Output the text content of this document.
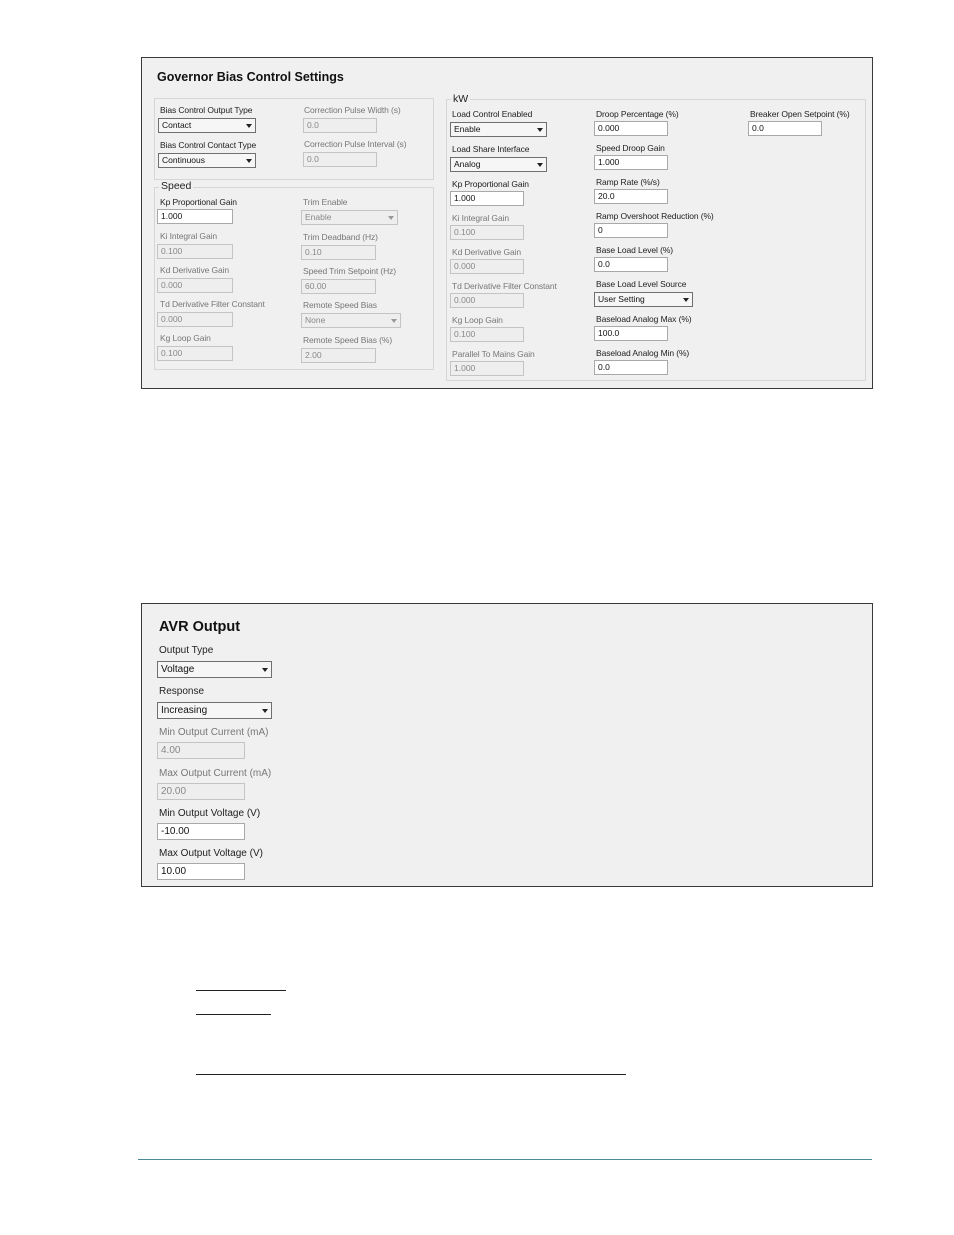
Governor Bias Control Settings
Bias Control Output Type
Contact
Bias Control Contact Type
Continuous
Correction Pulse Width (s)
0.0
Correction Pulse Interval (s)
0.0
Speed
Kp Proportional Gain
1.000
Ki Integral Gain
0.100
Kd Derivative Gain
0.000
Td Derivative Filter Constant
0.000
Kg Loop Gain
0.100
Trim Enable
Enable
Trim Deadband (Hz)
0.10
Speed Trim Setpoint (Hz)
60.00
Remote Speed Bias
None
Remote Speed Bias (%)
2.00
kW
Load Control Enabled
Enable
Load Share Interface
Analog
Kp Proportional Gain
1.000
Ki Integral Gain
0.100
Kd Derivative Gain
0.000
Td Derivative Filter Constant
0.000
Kg Loop Gain
0.100
Parallel To Mains Gain
1.000
Droop Percentage (%)
0.000
Speed Droop Gain
1.000
Ramp Rate (%/s)
20.0
Ramp Overshoot Reduction (%)
0
Base Load Level (%)
0.0
Base Load Level Source
User Setting
Baseload Analog Max (%)
100.0
Baseload Analog Min (%)
0.0
Breaker Open Setpoint (%)
0.0
AVR Output
Output Type
Voltage
Response
Increasing
Min Output Current (mA)
4.00
Max Output Current (mA)
20.00
Min Output Voltage (V)
-10.00
Max Output Voltage (V)
10.00
